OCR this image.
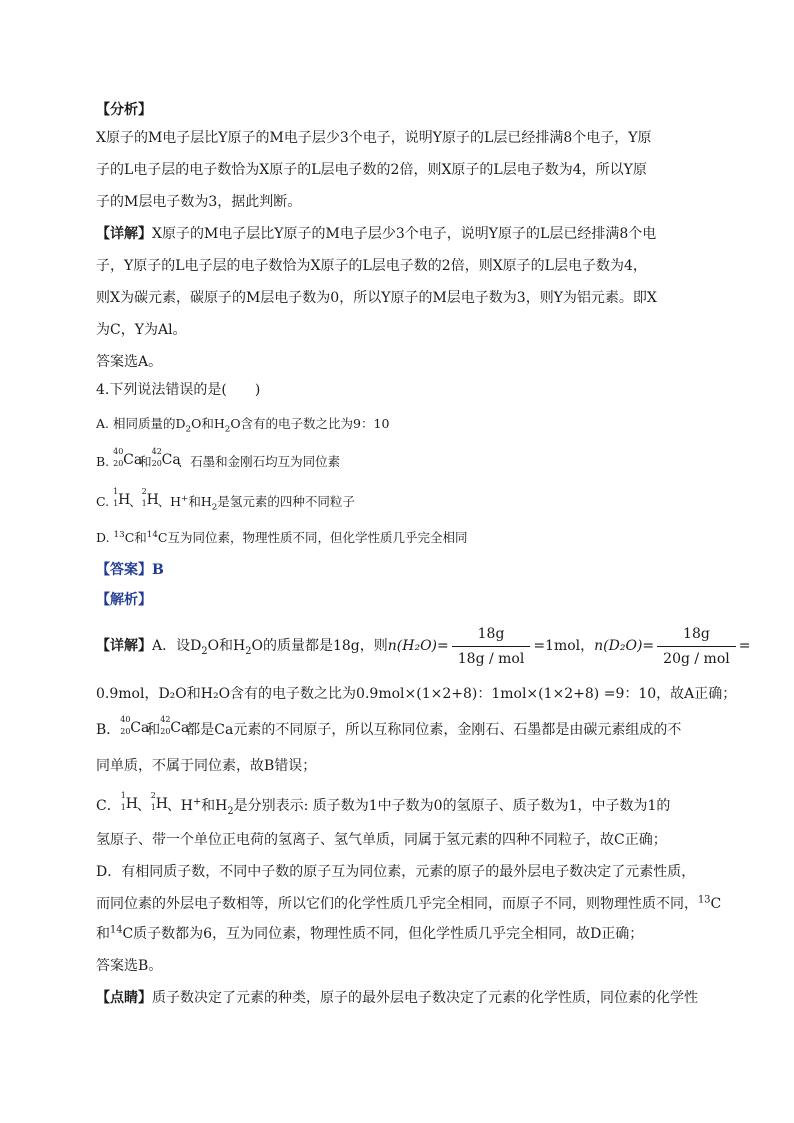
【分析】
X原子的M电子层比Y原子的M电子层少3个电子，说明Y原子的L层已经排满8个电子，Y原
子的L电子层的电子数恰为X原子的L层电子数的2倍，则X原子的L层电子数为4，所以Y原
子的M层电子数为3，据此判断。
【详解】X原子的M电子层比Y原子的M电子层少3个电子，说明Y原子的L层已经排满8个电
子，Y原子的L电子层的电子数恰为X原子的L层电子数的2倍，则X原子的L层电子数为4，
则X为碳元素，碳原子的M层电子数为0，所以Y原子的M层电子数为3，则Y为铝元素。即X
为C，Y为Al。
答案选A。
4.下列说法错误的是(　　)
A. 相同质量的$D_2O$和$H_2O$含有的电子数之比为9：10
B.
40
20 Ca
和
42
20 Ca
、石墨和金刚石均互为同位素
C.
1
1 H
、
2
1 H
、H+和$H_2$是氢元素的四种不同粒子
D. $^{13}$C和$^{14}$C互为同位素，物理性质不同，但化学性质几乎完全相同
【答案】B
【解析】
【详解】A．设$D_2O$和$H_2O$的质量都是18g，则$n(H_2O)= \frac{18g}{\text{18g / mol}} =1mol$，$n(D_2O)= \frac{18g}{\text{20g / mol}}$ =
0.9mol，D₂O和H₂O含有的电子数之比为0.9mol×(1×2+8)：1mol×(1×2+8) =9：10，故A正确；
B．
40
20 Ca
和
42
20 Ca
都是Ca元素的不同原子，所以互称同位素，金刚石、石墨都是由碳元素组成的不
同单质，不属于同位素，故B错误；
C．
1
1 H
、
2
1 H
、H+和$H_2$是分别表示: 质子数为1中子数为0的氢原子、质子数为1，中子数为1的
氢原子、带一个单位正电荷的氢离子、氢气单质，同属于氢元素的四种不同粒子，故C正确；
D．有相同质子数，不同中子数的原子互为同位素，元素的原子的最外层电子数决定了元素性质，
而同位素的外层电子数相等，所以它们的化学性质几乎完全相同，而原子不同，则物理性质不同，$^{13}$C
和$^{14}$C质子数都为6，互为同位素，物理性质不同，但化学性质几乎完全相同，故D正确；
答案选B。
【点睛】质子数决定了元素的种类，原子的最外层电子数决定了元素的化学性质，同位素的化学性
